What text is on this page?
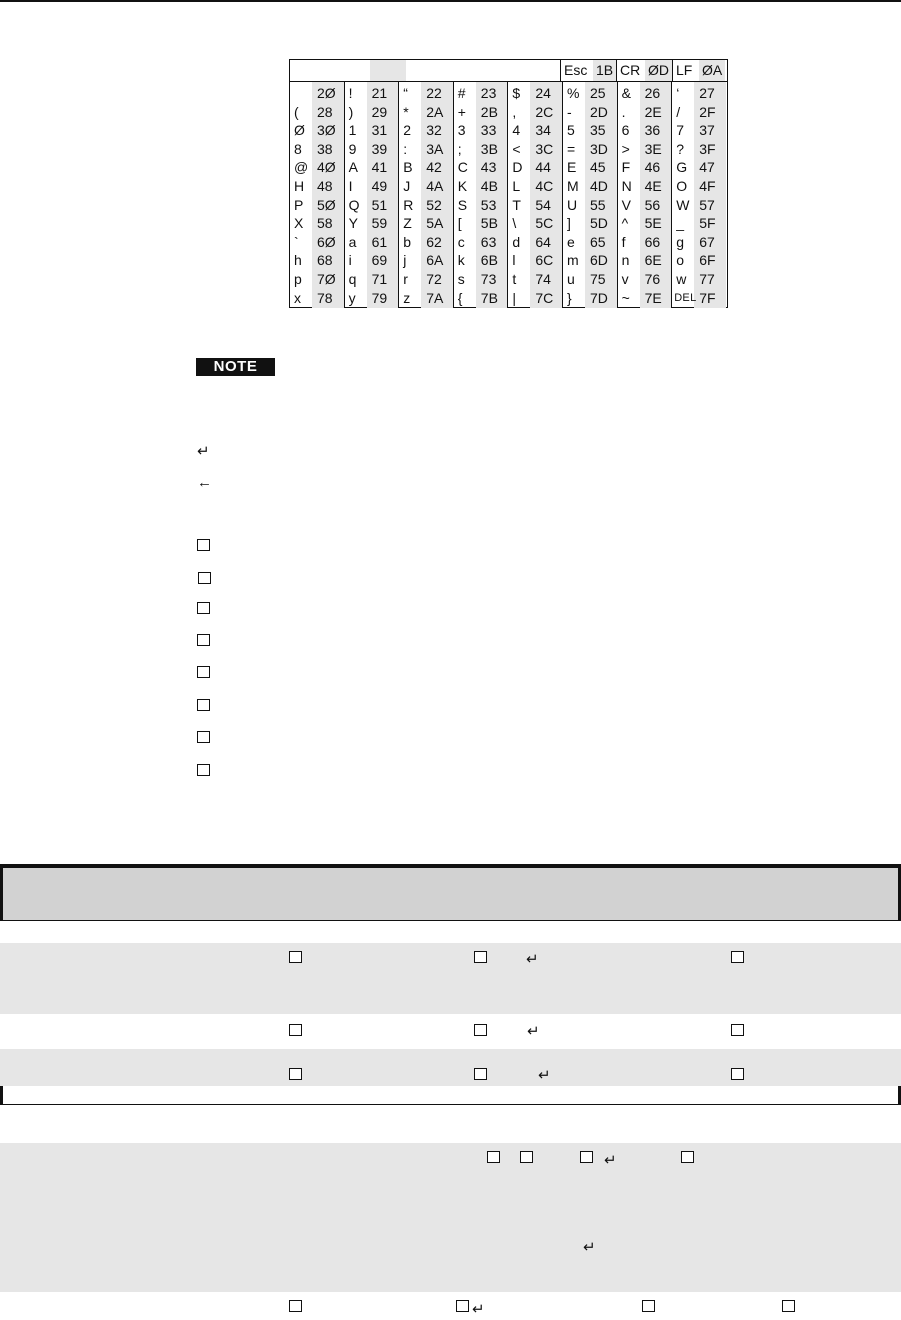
Esc 1B CR ØD LF ØA
2Ø ! 21 “ 22 # 23 $ 24 % 25 & 26 ‘ 27
( 28 ) 29 * 2A + 2B , 2C - 2D . 2E / 2F
Ø 3Ø 1 31 2 32 3 33 4 34 5 35 6 36 7 37
8 38 9 39 : 3A ; 3B < 3C = 3D > 3E ? 3F
@ 4Ø A 41 B 42 C 43 D 44 E 45 F 46 G 47
H 48 I 49 J 4A K 4B L 4C M 4D N 4E O 4F
P 5Ø Q 51 R 52 S 53 T 54 U 55 V 56 W 57
X 58 Y 59 Z 5A [ 5B \ 5C ] 5D ^ 5E _ 5F
` 6Ø a 61 b 62 c 63 d 64 e 65 f 66 g 67
h 68 i 69 j 6A k 6B l 6C m 6D n 6E o 6F
p 7Ø q 71 r 72 s 73 t 74 u 75 v 76 w 77
x 78 y 79 z 7A { 7B | 7C } 7D ~ 7E DEL 7F
NOTE
↵
←
↵
↵
↵
↵
↵
↵
